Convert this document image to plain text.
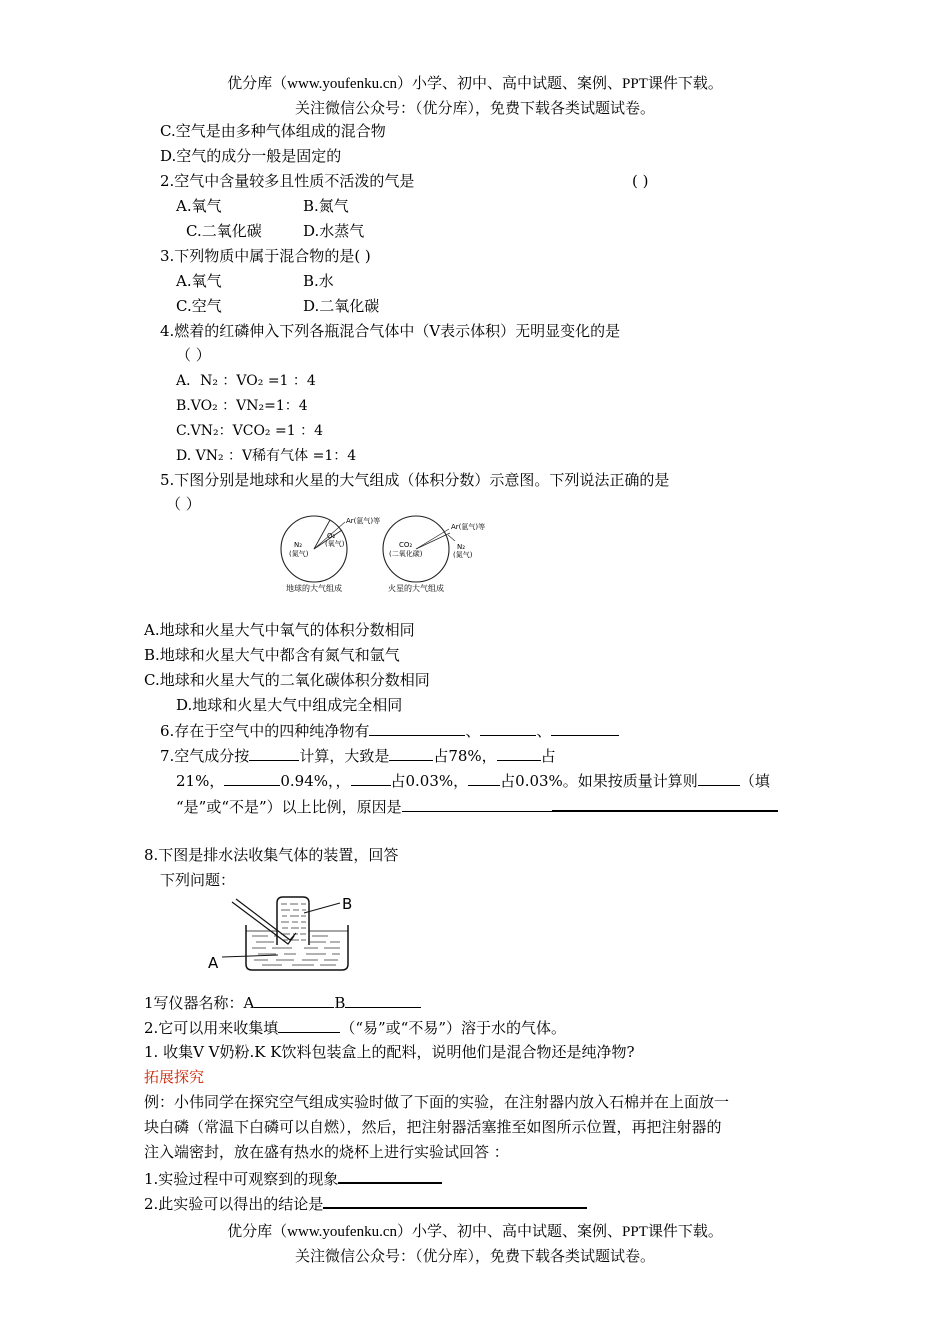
优分库（www.youfenku.cn）小学、初中、高中试题、案例、PPT课件下载。
关注微信公众号：（优分库），免费下载各类试题试卷。
C.空气是由多种气体组成的混合物
D.空气的成分一般是固定的
2.空气中含量较多且性质不活泼的气是	( )
A.氧气	B.氮气
C.二氧化碳	D.水蒸气
3.下列物质中属于混合物的是( )
A.氧气	B.水
C.空气	D.二氧化碳
4.燃着的红磷伸入下列各瓶混合气体中（V表示体积）无明显变化的是
（ ）
A．N₂ ：VO₂ =1 ：4
B.VO₂ ：VN₂=1：4
C.VN₂：VCO₂ =1 ：4
D. VN₂ ：V稀有气体 =1：4
5.下图分别是地球和火星的大气组成（体积分数）示意图。下列说法正确的是
（ ）
N₂
(氮气)
O₂
(氧气)
Ar(氩气)等
地球的大气组成
CO₂
(二氧化碳)
Ar(氩气)等
N₂
(氮气)
火星的大气组成
A.地球和火星大气中氧气的体积分数相同
B.地球和火星大气中都含有氮气和氩气
C.地球和火星大气的二氧化碳体积分数相同
D.地球和火星大气中组成完全相同
6.存在于空气中的四种纯净物有	、	、
7.空气成分按	计算，大致是	占78%，	占
21%，	0.94%，，	占0.03%， 占0.03%。如果按质量计算则	（填
“是”或“不是”）以上比例，原因是
8.下图是排水法收集气体的装置，回答
下列问题：
B
A
1写仪器名称：A	B
2.它可以用来收集填	（“易”或“不易”）溶于水的气体。
1. 收集V V奶粉.K K饮料包装盒上的配料，说明他们是混合物还是纯净物?
拓展探究
例：小伟同学在探究空气组成实验时做了下面的实验，在注射器内放入石棉并在上面放一
块白磷（常温下白磷可以自燃），然后，把注射器活塞推至如图所示位置，再把注射器的
注入端密封，放在盛有热水的烧杯上进行实验试回答 ：
1.实验过程中可观察到的现象
2.此实验可以得出的结论是
优分库（www.youfenku.cn）小学、初中、高中试题、案例、PPT课件下载。
关注微信公众号：（优分库），免费下载各类试题试卷。
